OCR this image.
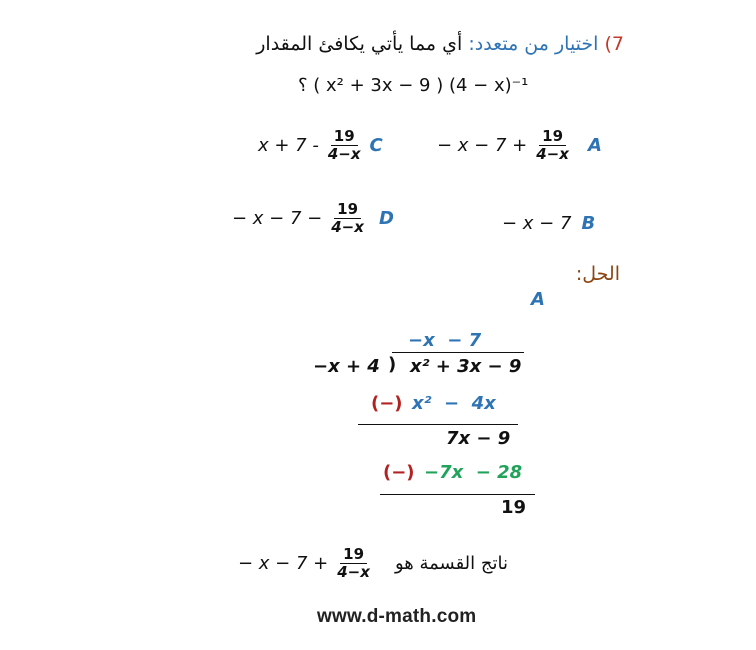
7) اختيار من متعدد: أي مما يأتي يكافئ المقدار
؟ ( x² + 3x − 9 ) (4 − x)⁻¹
− $x - 7 + \frac{19}{4-x}$ A
$x + 7 - \frac{19}{4-x}$ C
− x − 7 B
− $x - 7 - \frac{19}{4-x}$ D
الحل:
A
−x  − 7
−x + 4 ) x² + 3x − 9
(−) x²  −  4x
7x − 9
(−) −7x  − 28
19
− $x - 7 + \frac{19}{4-x}$ ناتج القسمة هو
www.d-math.com
